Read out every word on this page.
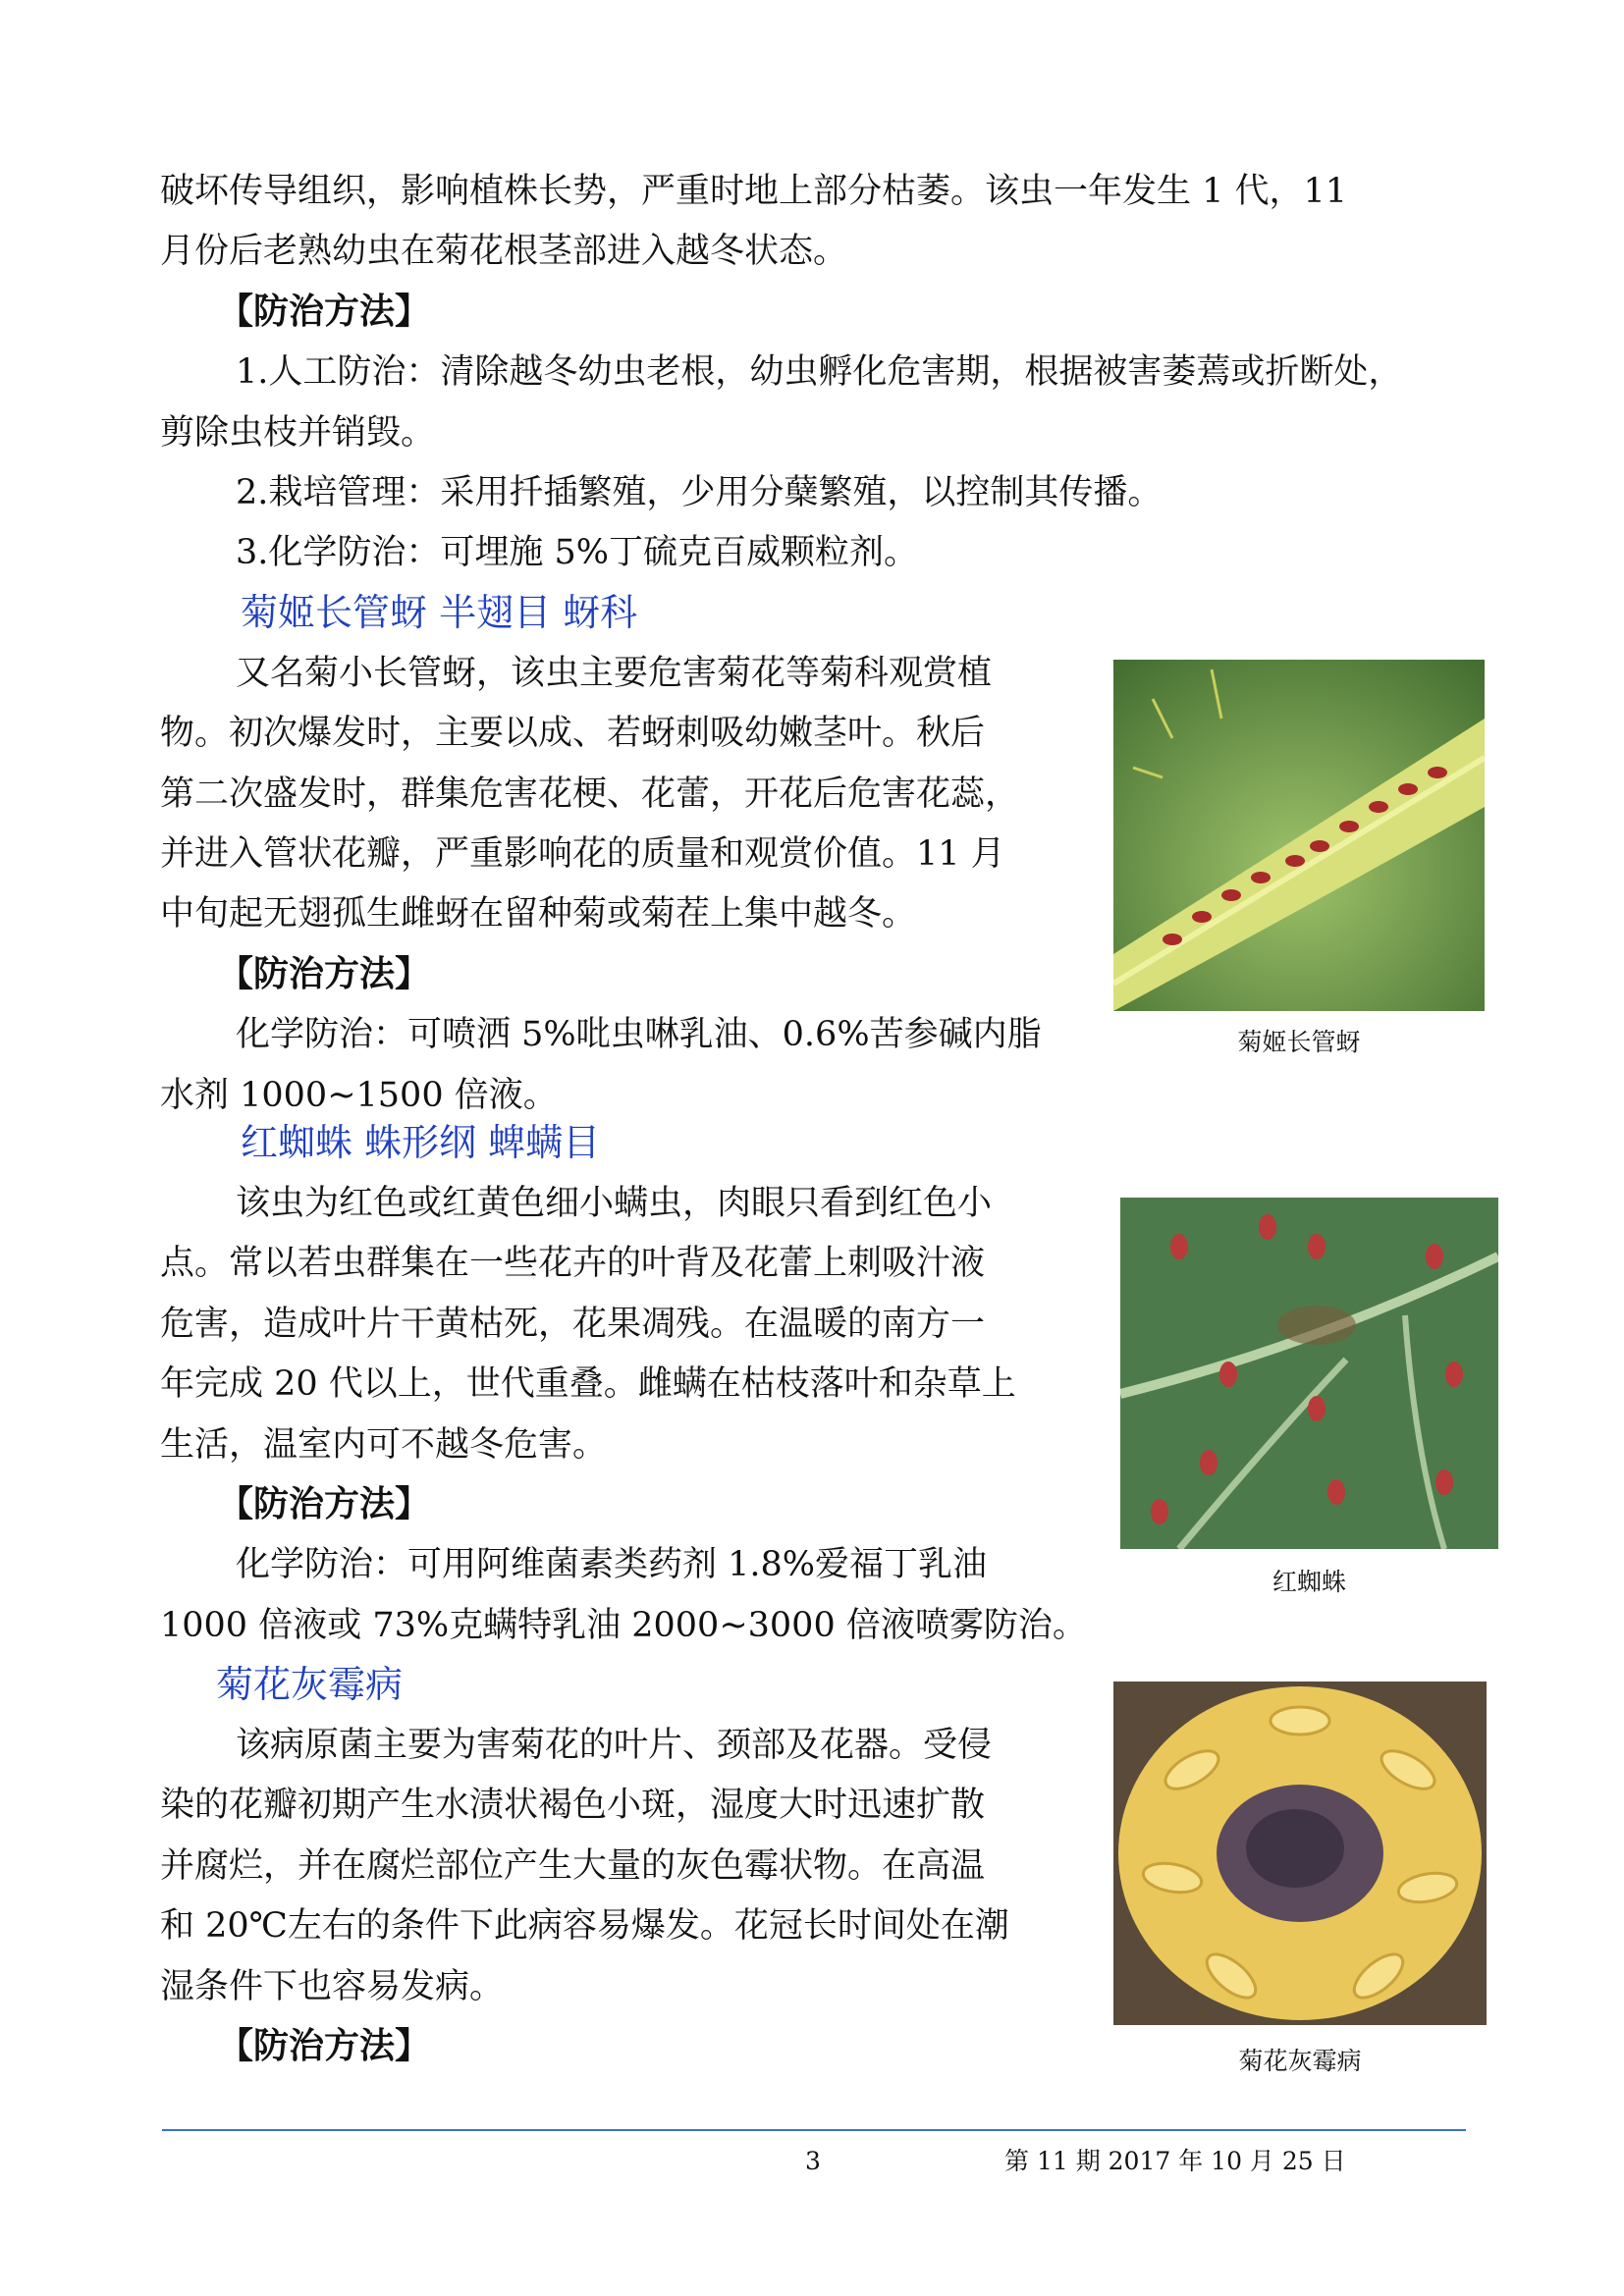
破坏传导组织，影响植株长势，严重时地上部分枯萎。该虫一年发生 1 代，11
月份后老熟幼虫在菊花根茎部进入越冬状态。
【防治方法】
1.人工防治：清除越冬幼虫老根，幼虫孵化危害期，根据被害萎蔫或折断处，
剪除虫枝并销毁。
2.栽培管理：采用扦插繁殖，少用分蘖繁殖，以控制其传播。
3.化学防治：可埋施 5%丁硫克百威颗粒剂。
菊姬长管蚜 半翅目 蚜科
又名菊小长管蚜，该虫主要危害菊花等菊科观赏植
物。初次爆发时，主要以成、若蚜刺吸幼嫩茎叶。秋后
第二次盛发时，群集危害花梗、花蕾，开花后危害花蕊，
并进入管状花瓣，严重影响花的质量和观赏价值。11 月
中旬起无翅孤生雌蚜在留种菊或菊茬上集中越冬。
【防治方法】
化学防治：可喷洒 5%吡虫啉乳油、0.6%苦参碱内脂
水剂 1000~1500 倍液。
菊姬长管蚜
红蜘蛛 蛛形纲 蜱螨目
该虫为红色或红黄色细小螨虫，肉眼只看到红色小
点。常以若虫群集在一些花卉的叶背及花蕾上刺吸汁液
危害，造成叶片干黄枯死，花果凋残。在温暖的南方一
年完成 20 代以上，世代重叠。雌螨在枯枝落叶和杂草上
生活，温室内可不越冬危害。
【防治方法】
化学防治：可用阿维菌素类药剂 1.8%爱福丁乳油
1000 倍液或 73%克螨特乳油 2000~3000 倍液喷雾防治。
红蜘蛛
菊花灰霉病
该病原菌主要为害菊花的叶片、颈部及花器。受侵
染的花瓣初期产生水渍状褐色小斑，湿度大时迅速扩散
并腐烂，并在腐烂部位产生大量的灰色霉状物。在高温
和 20℃左右的条件下此病容易爆发。花冠长时间处在潮
湿条件下也容易发病。
【防治方法】	菊花灰霉病
3	第 11 期 2017 年 10 月 25 日
